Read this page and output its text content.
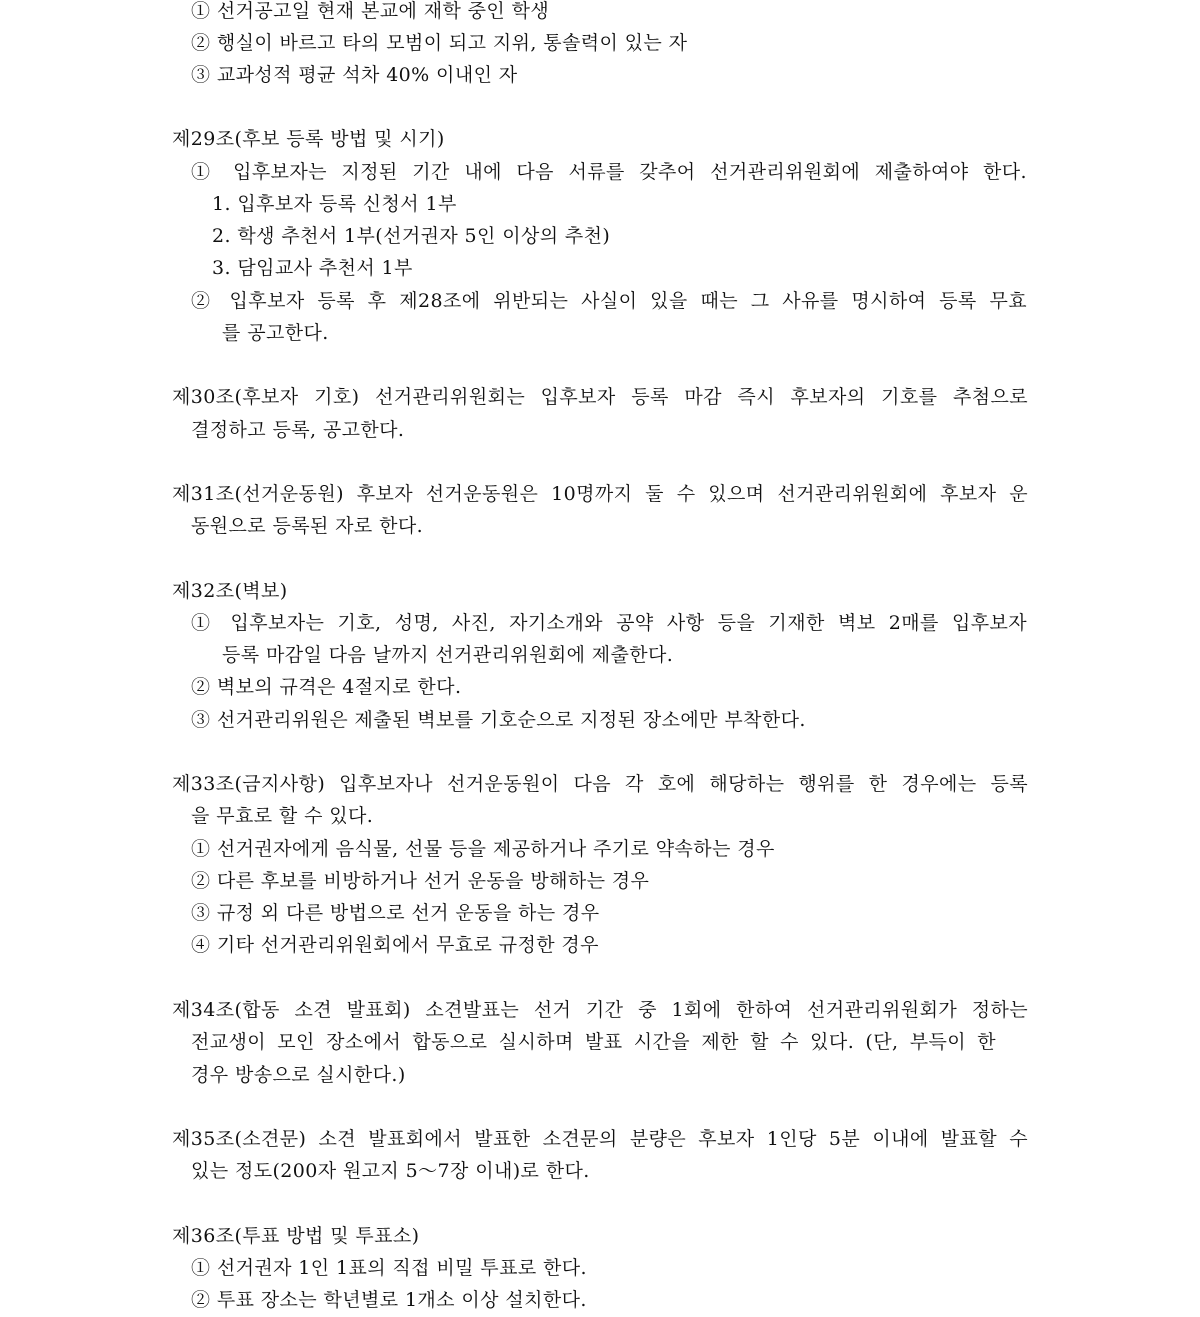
① 선거공고일 현재 본교에 재학 중인 학생
② 행실이 바르고 타의 모범이 되고 지위, 통솔력이 있는 자
③ 교과성적 평균 석차 40% 이내인 자
제29조(후보 등록 방법 및 시기)
① 입후보자는 지정된 기간 내에 다음 서류를 갖추어 선거관리위원회에 제출하여야 한다.
1. 입후보자 등록 신청서 1부
2. 학생 추천서 1부(선거권자 5인 이상의 추천)
3. 담임교사 추천서 1부
② 입후보자 등록 후 제28조에 위반되는 사실이 있을 때는 그 사유를 명시하여 등록 무효
를 공고한다.
제30조(후보자 기호) 선거관리위원회는 입후보자 등록 마감 즉시 후보자의 기호를 추첨으로
결정하고 등록, 공고한다.
제31조(선거운동원) 후보자 선거운동원은 10명까지 둘 수 있으며 선거관리위원회에 후보자 운
동원으로 등록된 자로 한다.
제32조(벽보)
① 입후보자는 기호, 성명, 사진, 자기소개와 공약 사항 등을 기재한 벽보 2매를 입후보자
등록 마감일 다음 날까지 선거관리위원회에 제출한다.
② 벽보의 규격은 4절지로 한다.
③ 선거관리위원은 제출된 벽보를 기호순으로 지정된 장소에만 부착한다.
제33조(금지사항) 입후보자나 선거운동원이 다음 각 호에 해당하는 행위를 한 경우에는 등록
을 무효로 할 수 있다.
① 선거권자에게 음식물, 선물 등을 제공하거나 주기로 약속하는 경우
② 다른 후보를 비방하거나 선거 운동을 방해하는 경우
③ 규정 외 다른 방법으로 선거 운동을 하는 경우
④ 기타 선거관리위원회에서 무효로 규정한 경우
제34조(합동 소견 발표회) 소견발표는 선거 기간 중 1회에 한하여 선거관리위원회가 정하는
전교생이 모인 장소에서 합동으로 실시하며 발표 시간을 제한 할 수 있다. (단, 부득이 한
경우 방송으로 실시한다.)
제35조(소견문) 소견 발표회에서 발표한 소견문의 분량은 후보자 1인당 5분 이내에 발표할 수
있는 정도(200자 원고지 5～7장 이내)로 한다.
제36조(투표 방법 및 투표소)
① 선거권자 1인 1표의 직접 비밀 투표로 한다.
② 투표 장소는 학년별로 1개소 이상 설치한다.
